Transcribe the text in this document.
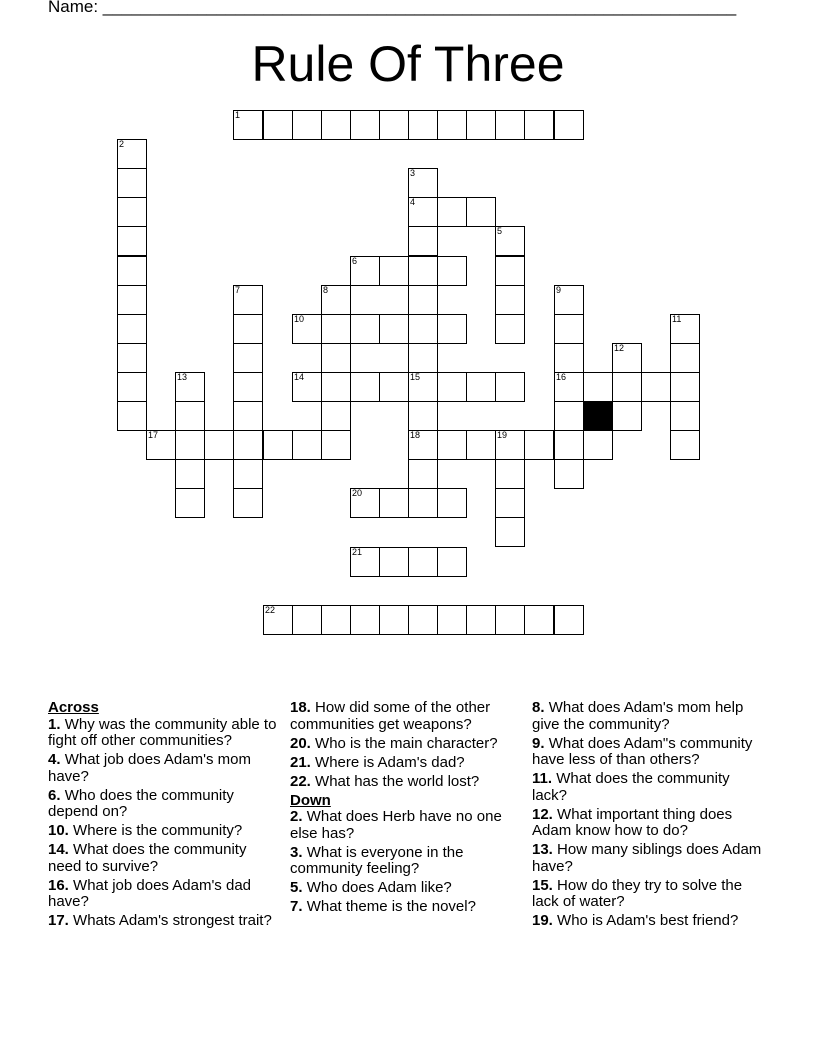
Name: ___________________________________________________________________
Rule Of Three
1
2
3
4
15
18
5
6
7	8	9
16
10	11
12
13	14
17	19
20
21
22
Across
1. Why was the community able to fight off other communities?
4. What job does Adam's mom have?
6. Who does the community depend on?
10. Where is the community?
14. What does the community need to survive?
16. What job does Adam's dad have?
17. Whats Adam's strongest trait?
18. How did some of the other communities get weapons?
20. Who is the main character?
21. Where is Adam's dad?
22. What has the world lost?
Down
2. What does Herb have no one else has?
3. What is everyone in the community feeling?
5. Who does Adam like?
7. What theme is the novel?
8. What does Adam's mom help give the community?
9. What does Adam"s community have less of than others?
11. What does the community lack?
12. What important thing does Adam know how to do?
13. How many siblings does Adam have?
15. How do they try to solve the lack of water?
19. Who is Adam's best friend?
